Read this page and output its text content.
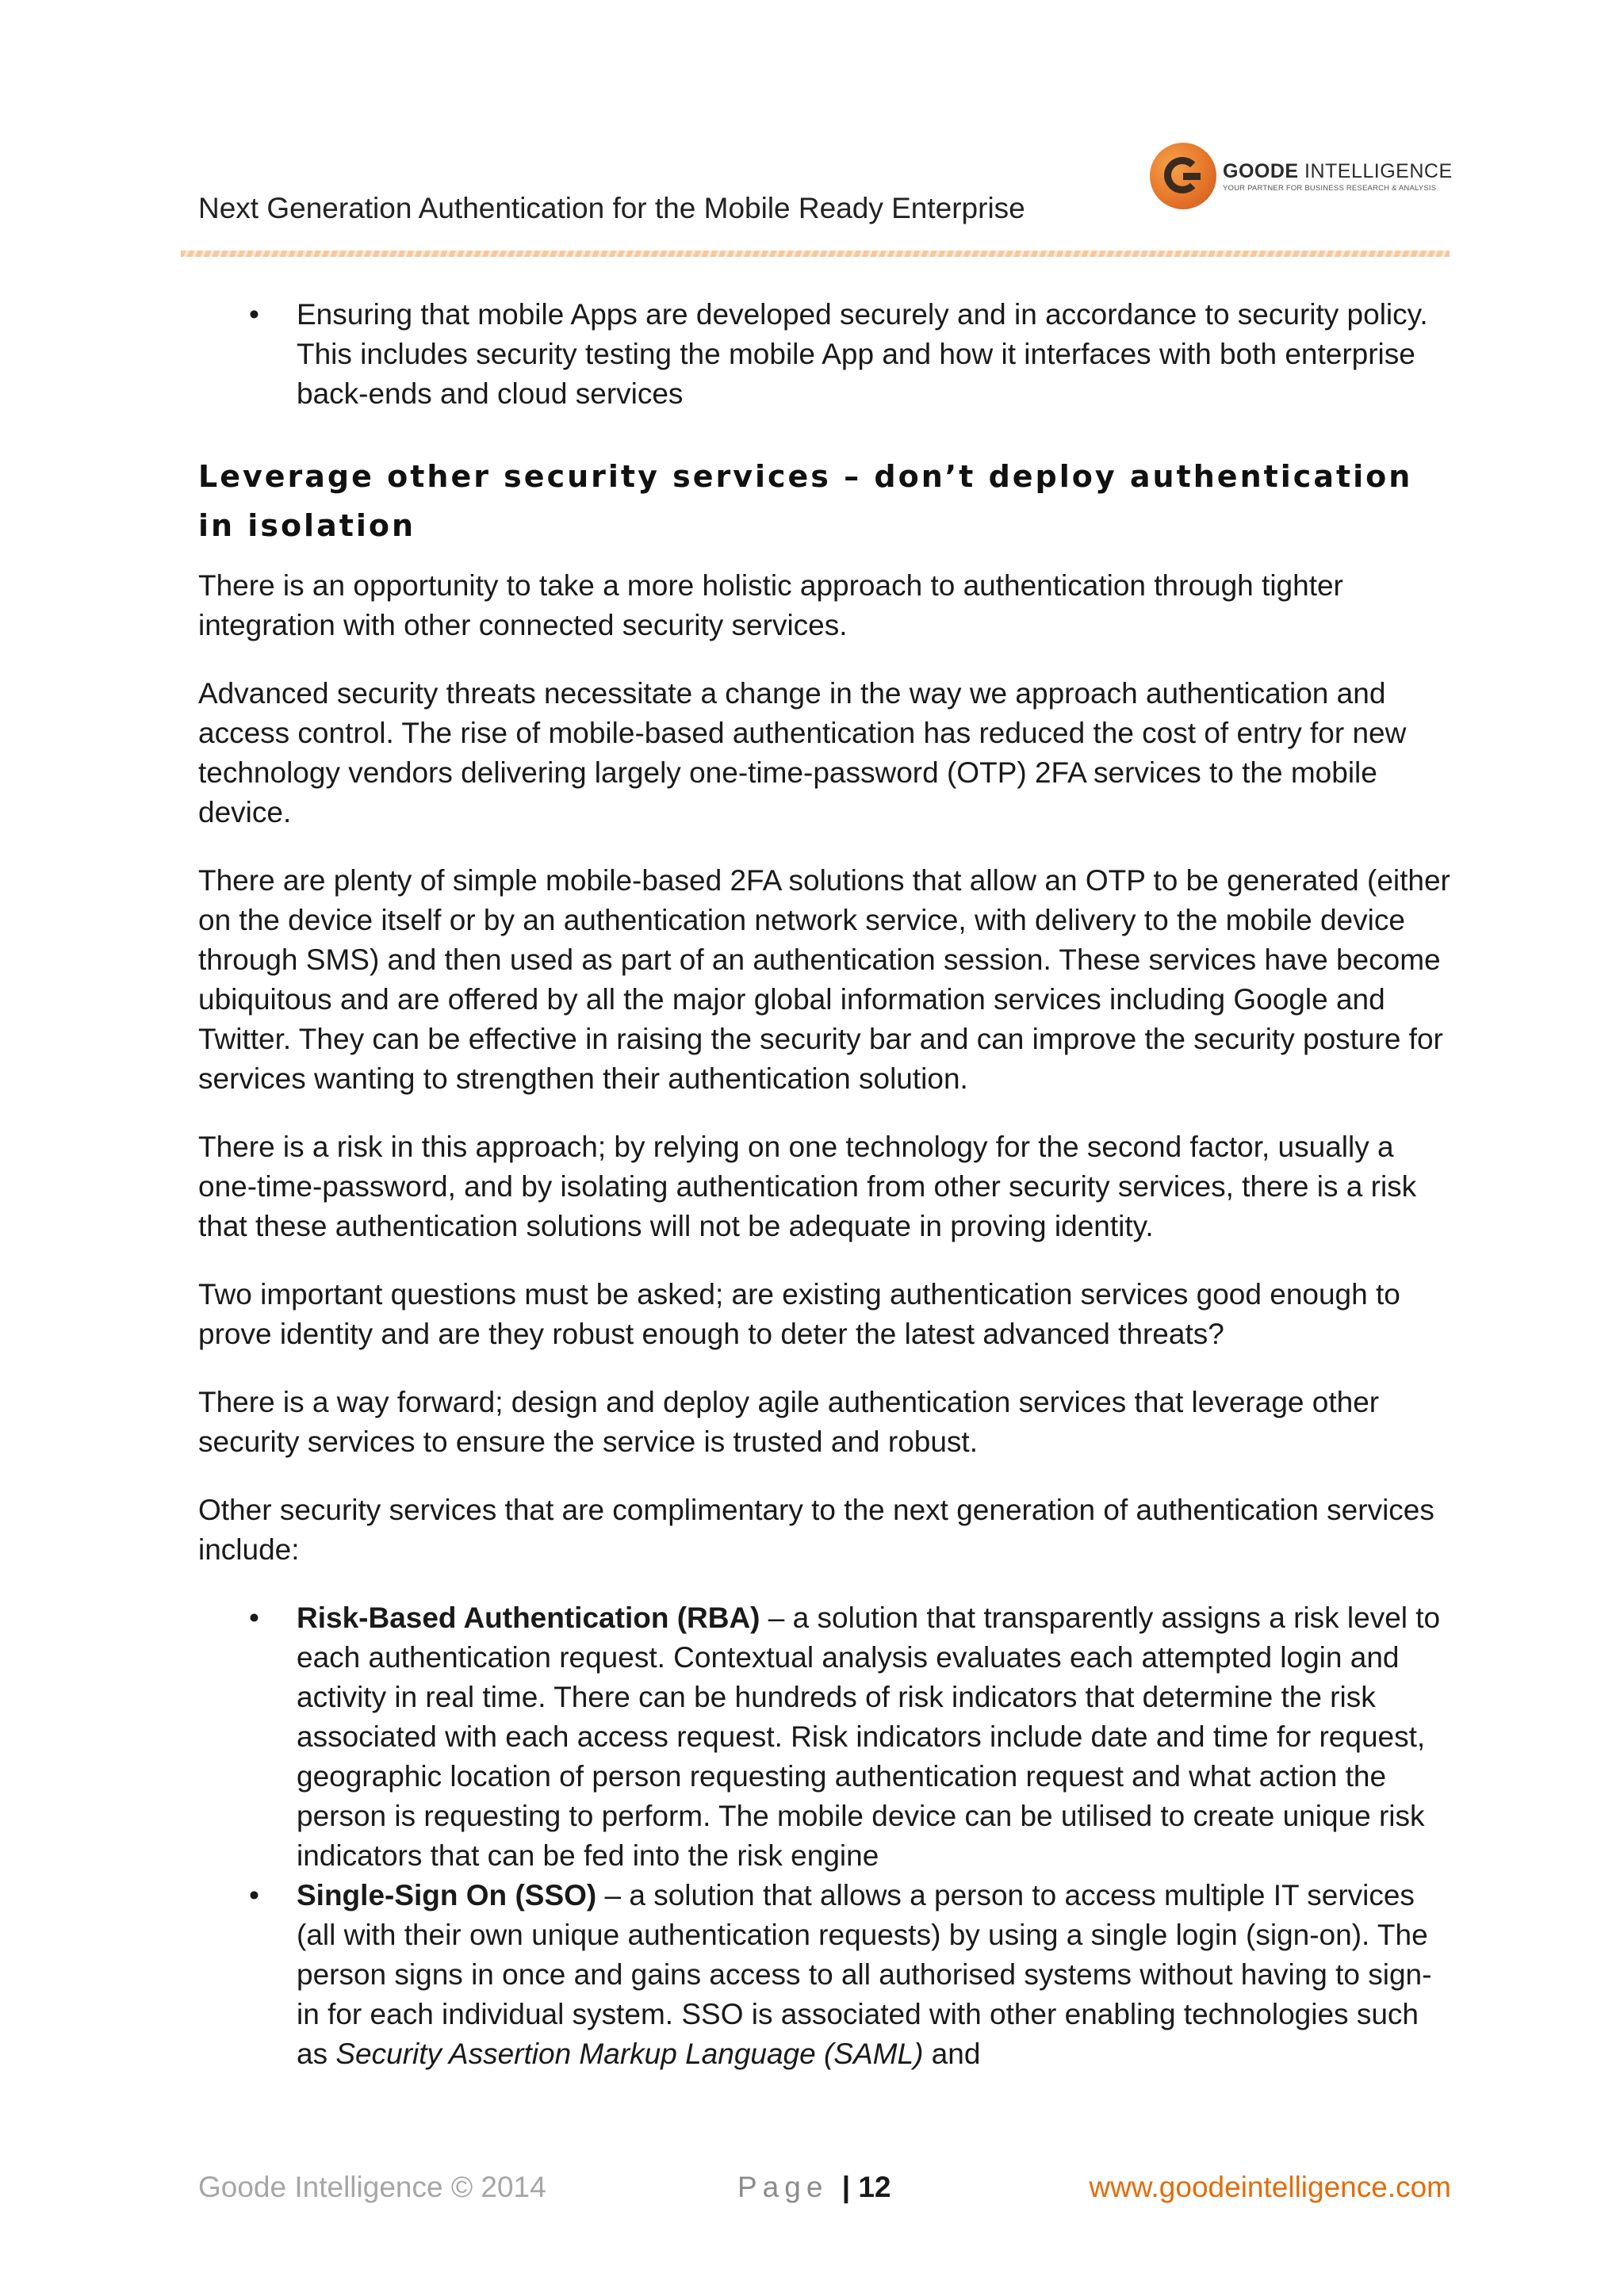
Next Generation Authentication for the Mobile Ready Enterprise
GOODE INTELLIGENCE
YOUR PARTNER FOR BUSINESS RESEARCH & ANALYSIS
• Ensuring that mobile Apps are developed securely and in accordance to security policy. This includes security testing the mobile App and how it interfaces with both enterprise back-ends and cloud services
Leverage other security services – don’t deploy authentication in isolation

There is an opportunity to take a more holistic approach to authentication through tighter integration with other connected security services.

Advanced security threats necessitate a change in the way we approach authentication and access control. The rise of mobile-based authentication has reduced the cost of entry for new technology vendors delivering largely one-time-password (OTP) 2FA services to the mobile device.

There are plenty of simple mobile-based 2FA solutions that allow an OTP to be generated (either on the device itself or by an authentication network service, with delivery to the mobile device through SMS) and then used as part of an authentication session. These services have become ubiquitous and are offered by all the major global information services including Google and Twitter. They can be effective in raising the security bar and can improve the security posture for services wanting to strengthen their authentication solution.

There is a risk in this approach; by relying on one technology for the second factor, usually a one-time-password, and by isolating authentication from other security services, there is a risk that these authentication solutions will not be adequate in proving identity.

Two important questions must be asked; are existing authentication services good enough to prove identity and are they robust enough to deter the latest advanced threats?

There is a way forward; design and deploy agile authentication services that leverage other security services to ensure the service is trusted and robust.

Other security services that are complimentary to the next generation of authentication services include:

• Risk-Based Authentication (RBA) – a solution that transparently assigns a risk level to each authentication request. Contextual analysis evaluates each attempted login and activity in real time. There can be hundreds of risk indicators that determine the risk associated with each access request. Risk indicators include date and time for request, geographic location of person requesting authentication request and what action the person is requesting to perform. The mobile device can be utilised to create unique risk indicators that can be fed into the risk engine
• Single-Sign On (SSO) – a solution that allows a person to access multiple IT services (all with their own unique authentication requests) by using a single login (sign-on). The person signs in once and gains access to all authorised systems without having to sign-in for each individual system. SSO is associated with other enabling technologies such as Security Assertion Markup Language (SAML) and
Goode Intelligence © 2014	Page | 12	www.goodeintelligence.com
